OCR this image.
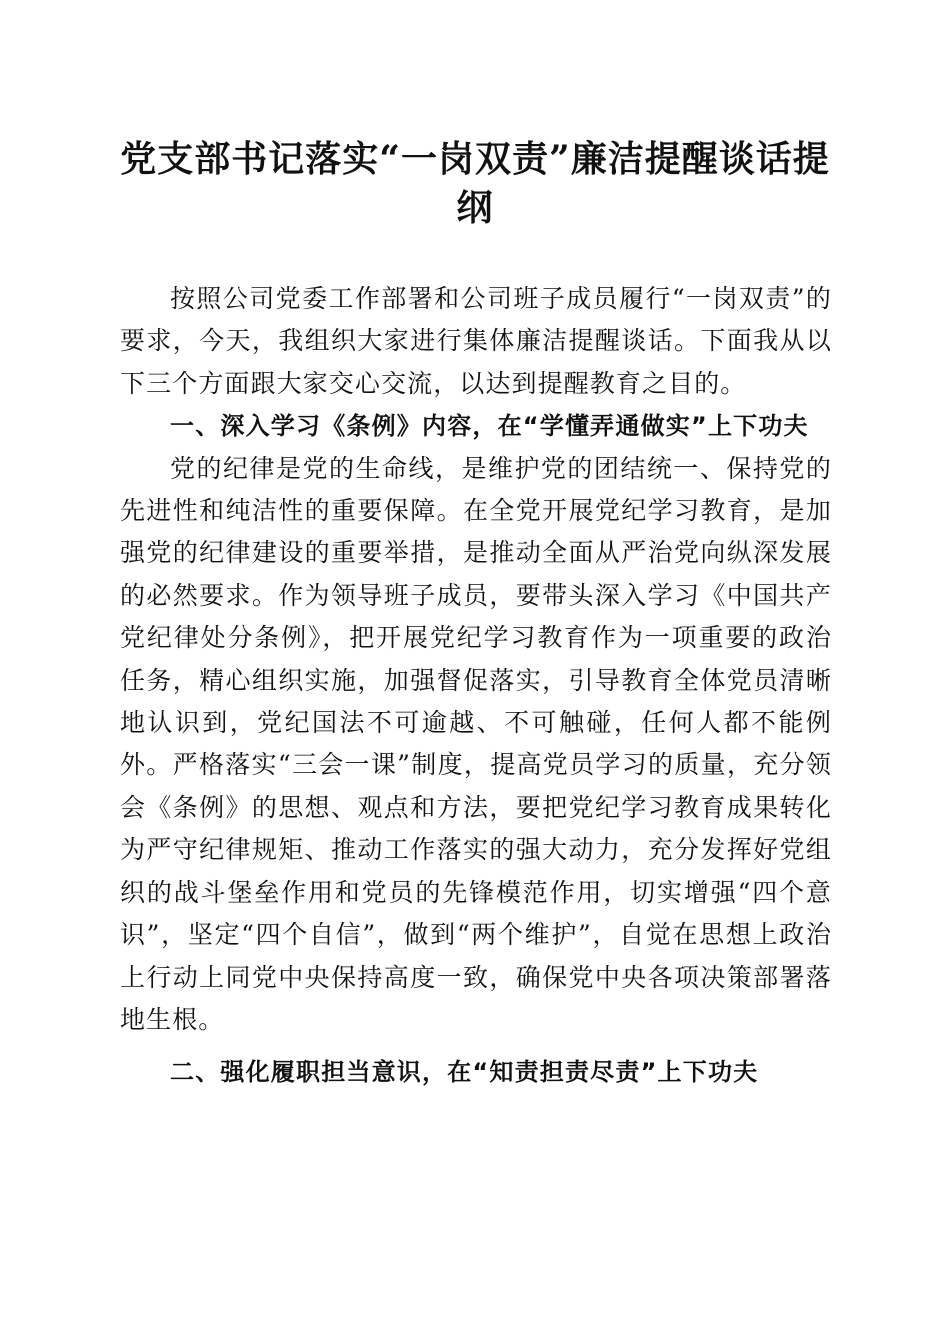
党支部书记落实“一岗双责”廉洁提醒谈话提纲

按照公司党委工作部署和公司班子成员履行“一岗双责”的要求，今天，我组织大家进行集体廉洁提醒谈话。下面我从以下三个方面跟大家交心交流，以达到提醒教育之目的。

一、深入学习《条例》内容，在“学懂弄通做实”上下功夫

党的纪律是党的生命线，是维护党的团结统一、保持党的先进性和纯洁性的重要保障。在全党开展党纪学习教育，是加强党的纪律建设的重要举措，是推动全面从严治党向纵深发展的必然要求。作为领导班子成员，要带头深入学习《中国共产党纪律处分条例》，把开展党纪学习教育作为一项重要的政治任务，精心组织实施，加强督促落实，引导教育全体党员清晰地认识到，党纪国法不可逾越、不可触碰，任何人都不能例外。严格落实“三会一课”制度，提高党员学习的质量，充分领会《条例》的思想、观点和方法，要把党纪学习教育成果转化为严守纪律规矩、推动工作落实的强大动力，充分发挥好党组织的战斗堡垒作用和党员的先锋模范作用，切实增强“四个意识”，坚定“四个自信”，做到“两个维护”，自觉在思想上政治上行动上同党中央保持高度一致，确保党中央各项决策部署落地生根。

二、强化履职担当意识，在“知责担责尽责”上下功夫
